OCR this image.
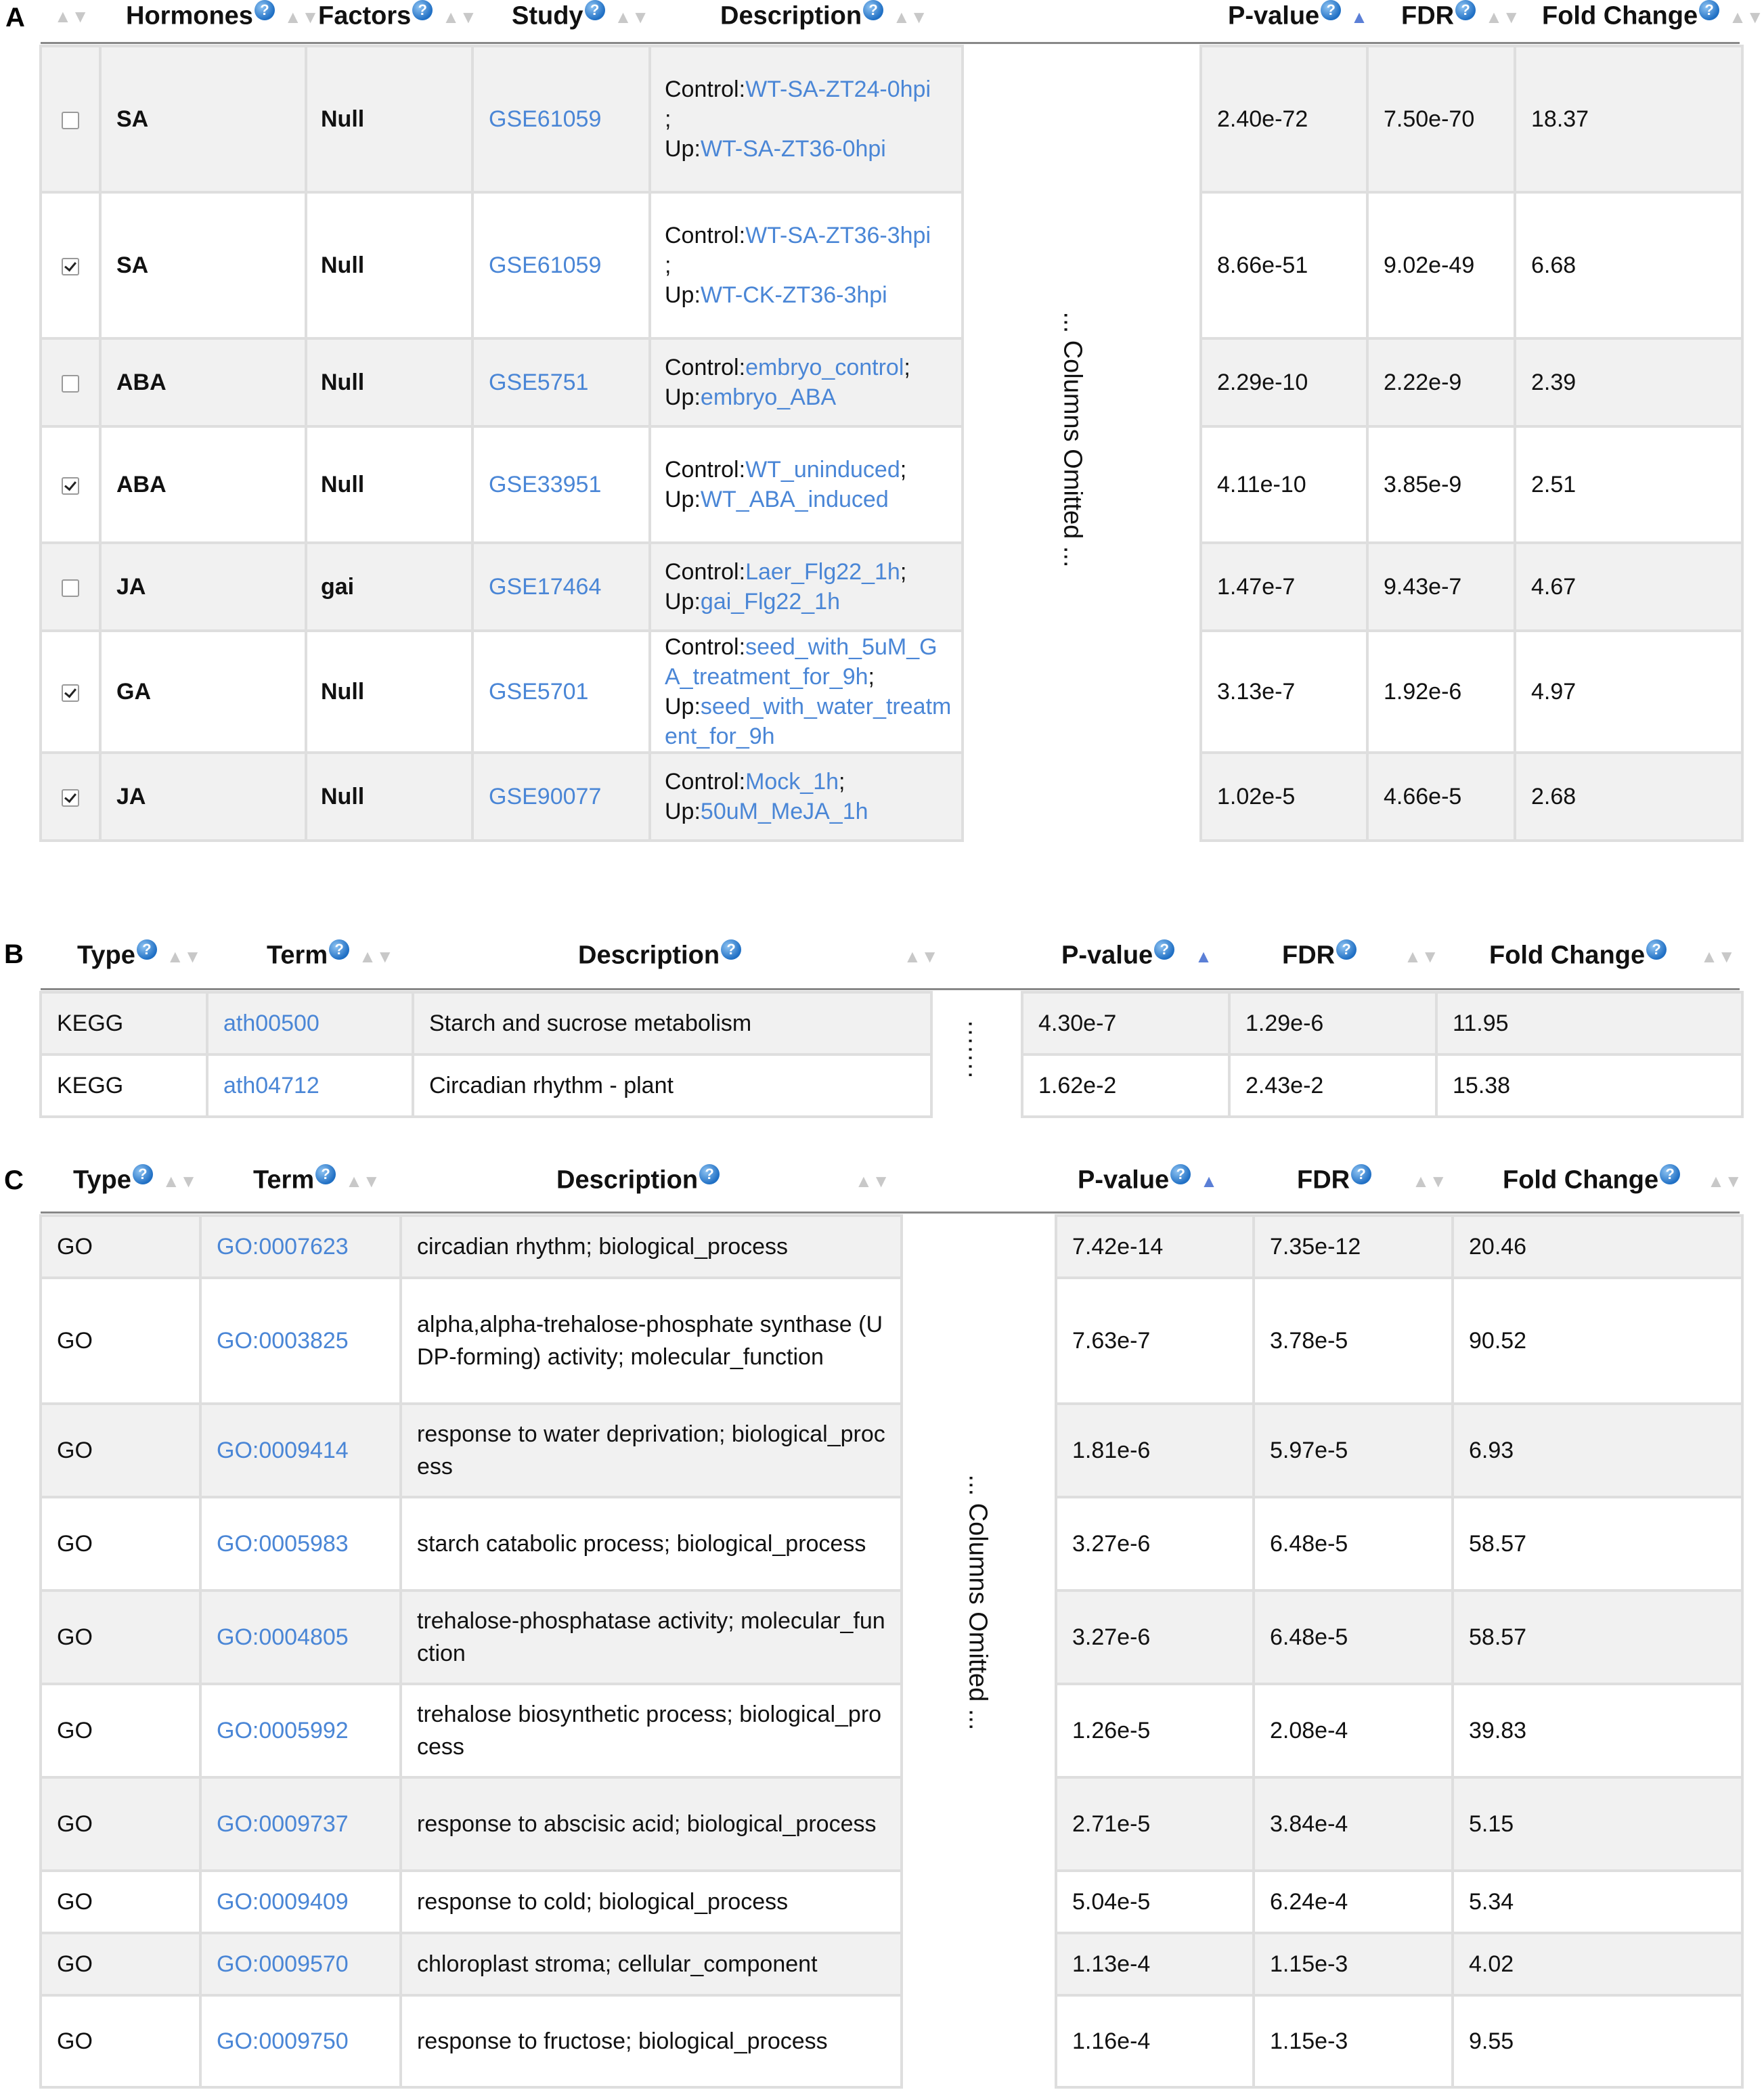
A ▲▼	Hormones ? ▲▼	Factors ? ▲▼	Study ? ▲▼	Description ? ▲▼		P-value ? ▲	FDR ? ▲▼	Fold Change ? ▲▼
	SA	Null	GSE61059	Control:WT-SA-ZT24-0hpi
;
Up:WT-SA-ZT36-0hpi	... Columns Omitted ...	2.40e-72	7.50e-70	18.37
	SA	Null	GSE61059	Control:WT-SA-ZT36-3hpi
;
Up:WT-CK-ZT36-3hpi		8.66e-51	9.02e-49	6.68
	ABA	Null	GSE5751	Control:embryo_control;
Up:embryo_ABA		2.29e-10	2.22e-9	2.39
	ABA	Null	GSE33951	Control:WT_uninduced;
Up:WT_ABA_induced		4.11e-10	3.85e-9	2.51
	JA	gai	GSE17464	Control:Laer_Flg22_1h;
Up:gai_Flg22_1h		1.47e-7	9.43e-7	4.67
	GA	Null	GSE5701	Control:seed_with_5uM_GA_treatment_for_9h;
Up:seed_with_water_treatment_for_9h		3.13e-7	1.92e-6	4.97
	JA	Null	GSE90077	Control:Mock_1h;
Up:50uM_MeJA_1h		1.02e-5	4.66e-5	2.68
B Type ? ▲▼	Term ? ▲▼	Description ?	▲▼		P-value ? ▲	FDR ?	▲▼	Fold Change ? ▲▼
KEGG	ath00500	Starch and sucrose metabolism	.......	4.30e-7	1.29e-6	11.95
KEGG	ath04712	Circadian rhythm - plant		1.62e-2	2.43e-2	15.38
C Type ? ▲▼	Term ? ▲▼	Description ?	▲▼		P-value ? ▲	FDR ?	▲▼	Fold Change ? ▲▼
GO	GO:0007623	circadian rhythm; biological_process	... Columns Omitted ...	7.42e-14	7.35e-12	20.46
GO	GO:0003825	alpha,alpha-trehalose-phosphate synthase (UDP-forming) activity; molecular_function		7.63e-7	3.78e-5	90.52
GO	GO:0009414	response to water deprivation; biological_process		1.81e-6	5.97e-5	6.93
GO	GO:0005983	starch catabolic process; biological_process		3.27e-6	6.48e-5	58.57
GO	GO:0004805	trehalose-phosphatase activity; molecular_function		3.27e-6	6.48e-5	58.57
GO	GO:0005992	trehalose biosynthetic process; biological_process		1.26e-5	2.08e-4	39.83
GO	GO:0009737	response to abscisic acid; biological_process		2.71e-5	3.84e-4	5.15
GO	GO:0009409	response to cold; biological_process		5.04e-5	6.24e-4	5.34
GO	GO:0009570	chloroplast stroma; cellular_component		1.13e-4	1.15e-3	4.02
GO	GO:0009750	response to fructose; biological_process		1.16e-4	1.15e-3	9.55
